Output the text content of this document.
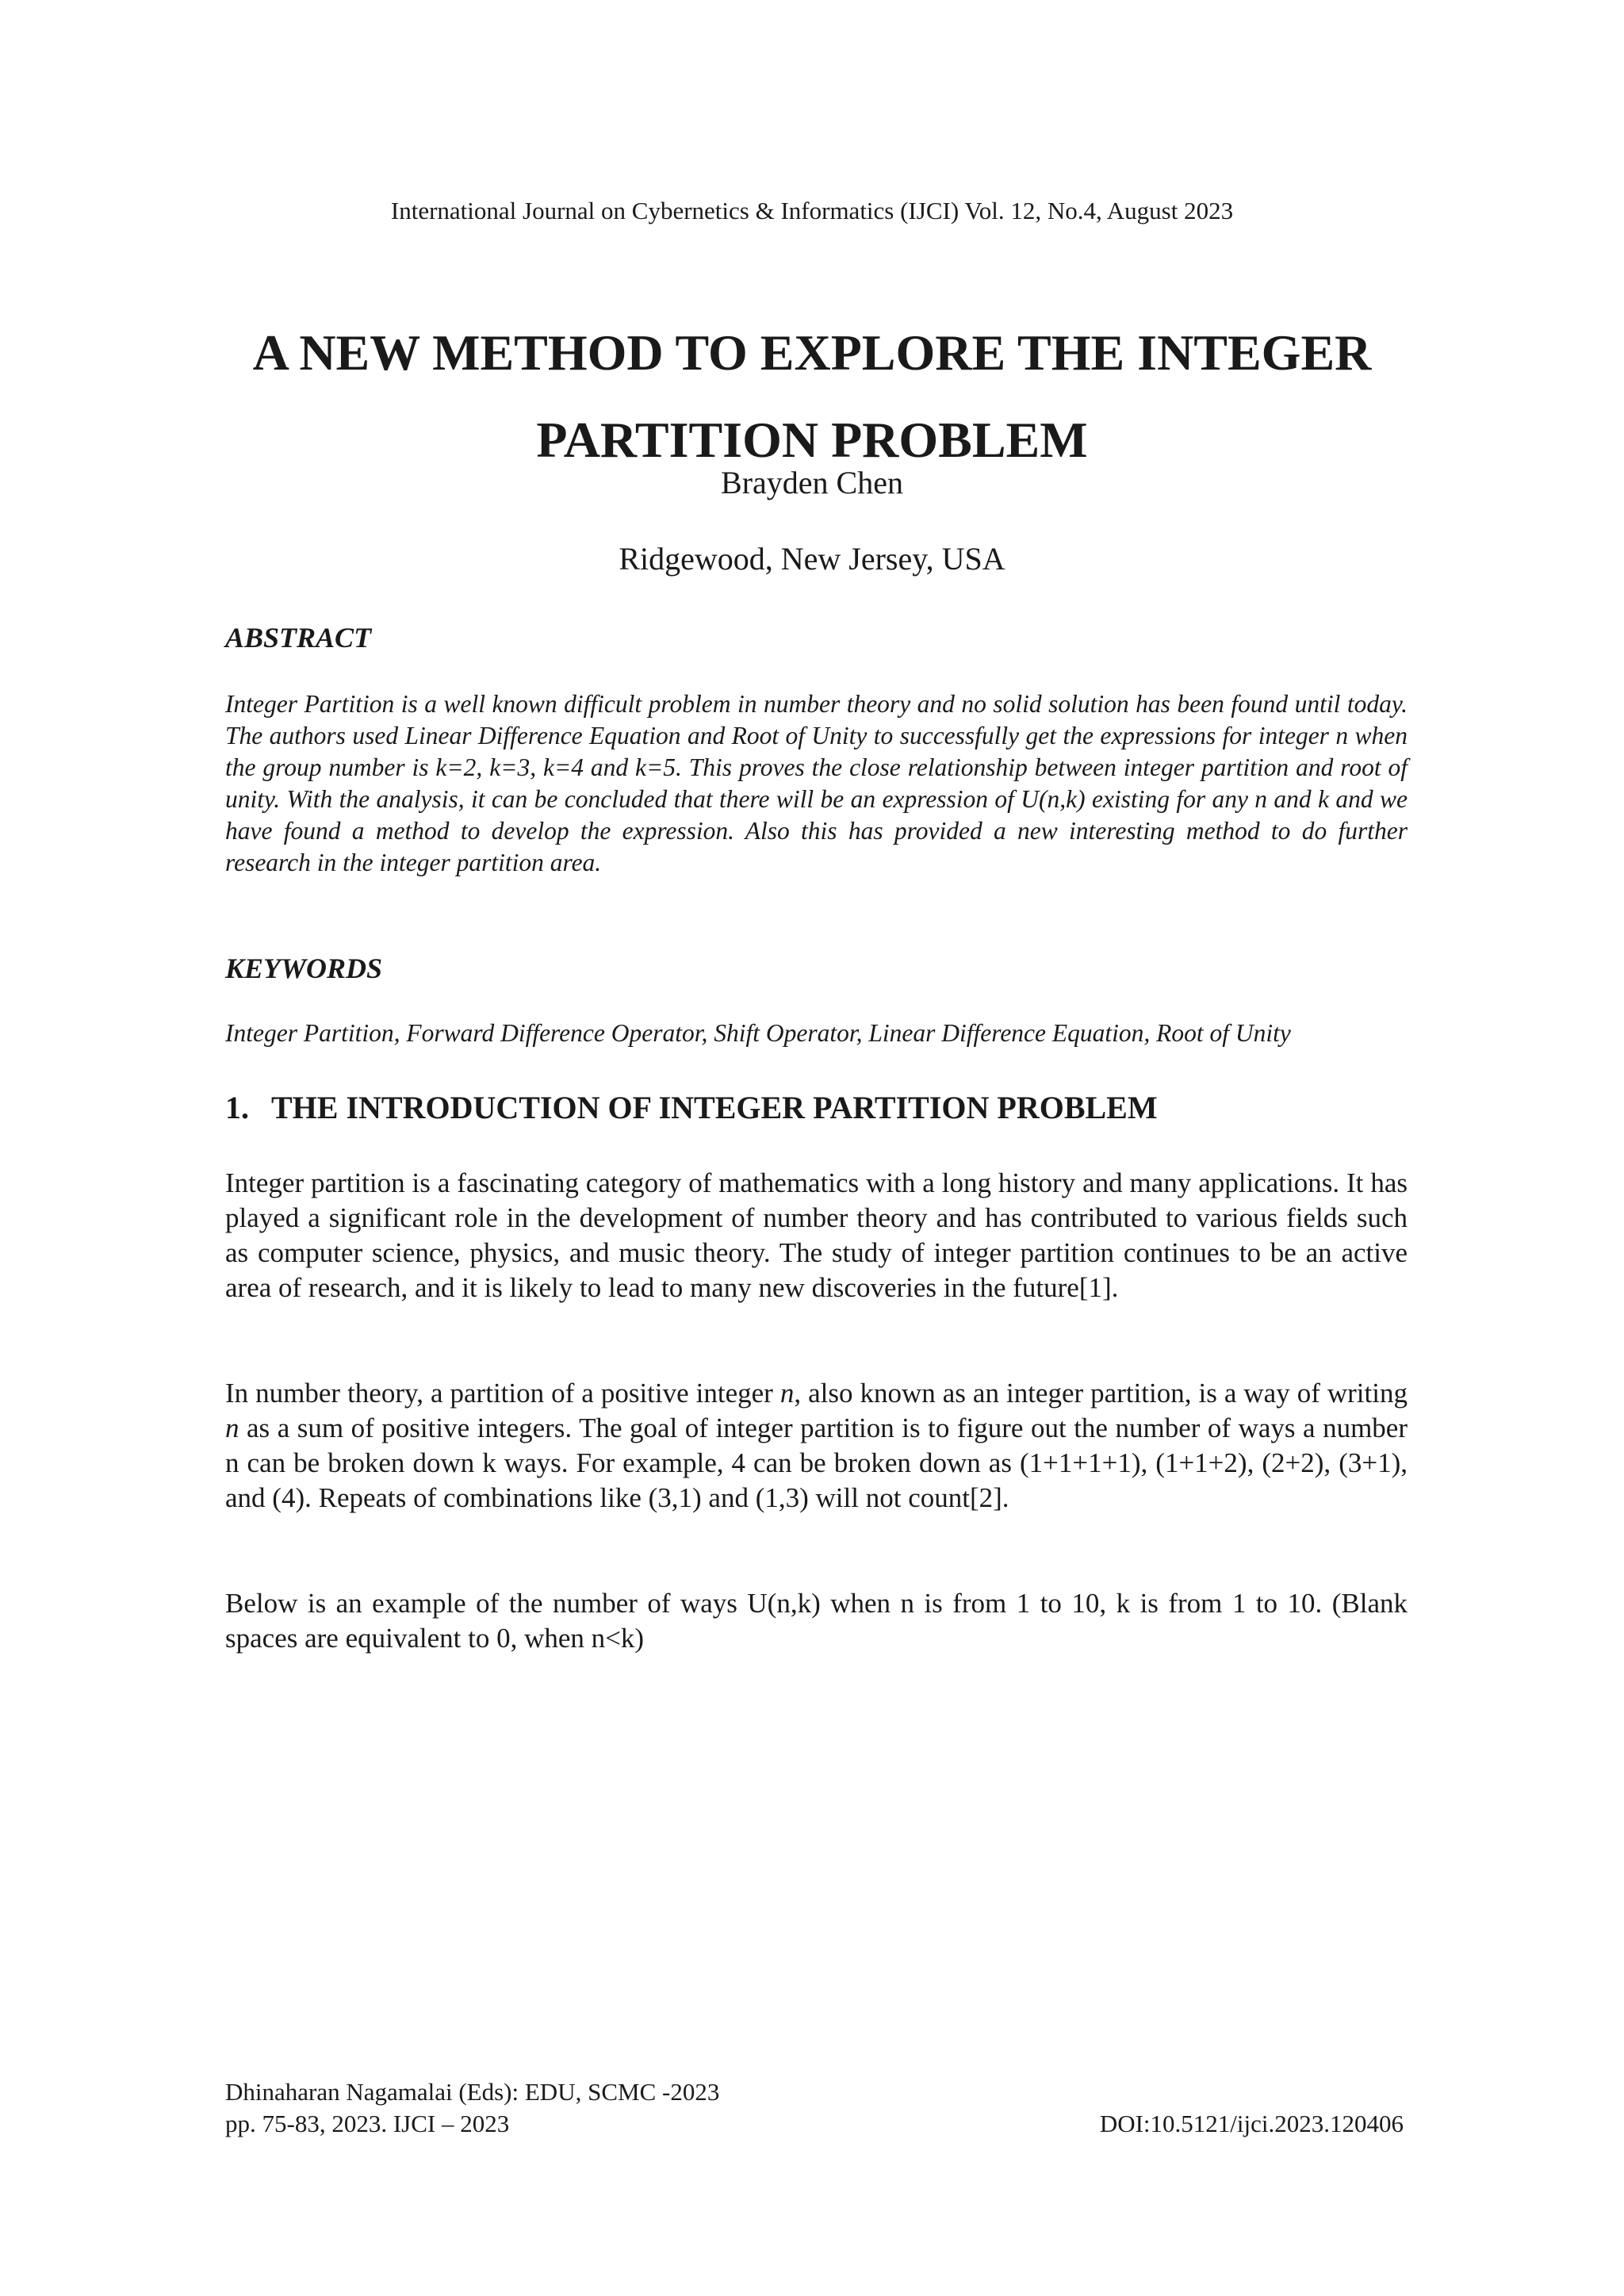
International Journal on Cybernetics & Informatics (IJCI) Vol. 12, No.4, August 2023
A NEW METHOD TO EXPLORE THE INTEGER PARTITION PROBLEM
Brayden Chen
Ridgewood, New Jersey, USA
ABSTRACT

Integer Partition is a well known difficult problem in number theory and no solid solution has been found until today. The authors used Linear Difference Equation and Root of Unity to successfully get the expressions for integer n when the group number is k=2, k=3, k=4 and k=5. This proves the close relationship between integer partition and root of unity. With the analysis, it can be concluded that there will be an expression of U(n,k) existing for any n and k and we have found a method to develop the expression. Also this has provided a new interesting method to do further research in the integer partition area.

KEYWORDS

Integer Partition, Forward Difference Operator, Shift Operator, Linear Difference Equation, Root of Unity

1. THE INTRODUCTION OF INTEGER PARTITION PROBLEM

Integer partition is a fascinating category of mathematics with a long history and many applications. It has played a significant role in the development of number theory and has contributed to various fields such as computer science, physics, and music theory. The study of integer partition continues to be an active area of research, and it is likely to lead to many new discoveries in the future[1].

In number theory, a partition of a positive integer n, also known as an integer partition, is a way of writing n as a sum of positive integers. The goal of integer partition is to figure out the number of ways a number n can be broken down k ways. For example, 4 can be broken down as (1+1+1+1), (1+1+2), (2+2), (3+1), and (4). Repeats of combinations like (3,1) and (1,3) will not count[2].

Below is an example of the number of ways U(n,k) when n is from 1 to 10, k is from 1 to 10. (Blank spaces are equivalent to 0, when n<k)

Dhinaharan Nagamalai (Eds): EDU, SCMC -2023
pp. 75-83, 2023. IJCI – 2023	DOI:10.5121/ijci.2023.120406
